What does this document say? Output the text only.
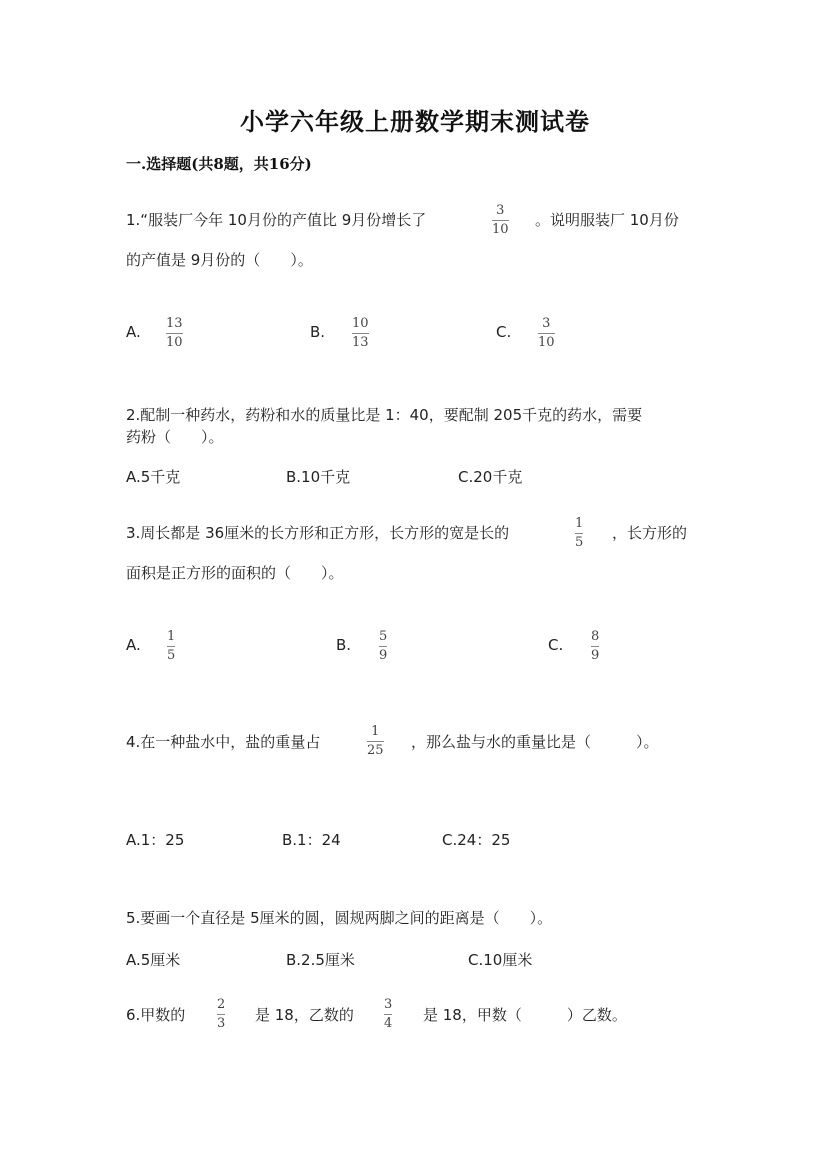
小学六年级上册数学期末测试卷
一.选择题(共8题，共16分)
1.“服装厂今年 10月份的产值比 9月份增长了
3
10
。说明服装厂 10月份
的产值是 9月份的（　　）。
A. 13
10
B. 10
13
C. 3
10
2.配制一种药水，药粉和水的质量比是 1：40，要配制 205千克的药水，需要
药粉（　　）。
A.5千克	B.10千克	C.20千克
3.周长都是 36厘米的长方形和正方形，长方形的宽是长的
1
5
，长方形的
面积是正方形的面积的（　　）。
A. 1
5
B. 5
9
C. 8
9
4.在一种盐水中，盐的重量占
1
25 ，那么盐与水的重量比是（　　　）。
A.1：25	B.1：24	C.24：25
5.要画一个直径是 5厘米的圆，圆规两脚之间的距离是（　　）。
A.5厘米	B.2.5厘米	C.10厘米
6.甲数的
2
3 是 18，乙数的
3
4 是 18，甲数（　　　）乙数。
